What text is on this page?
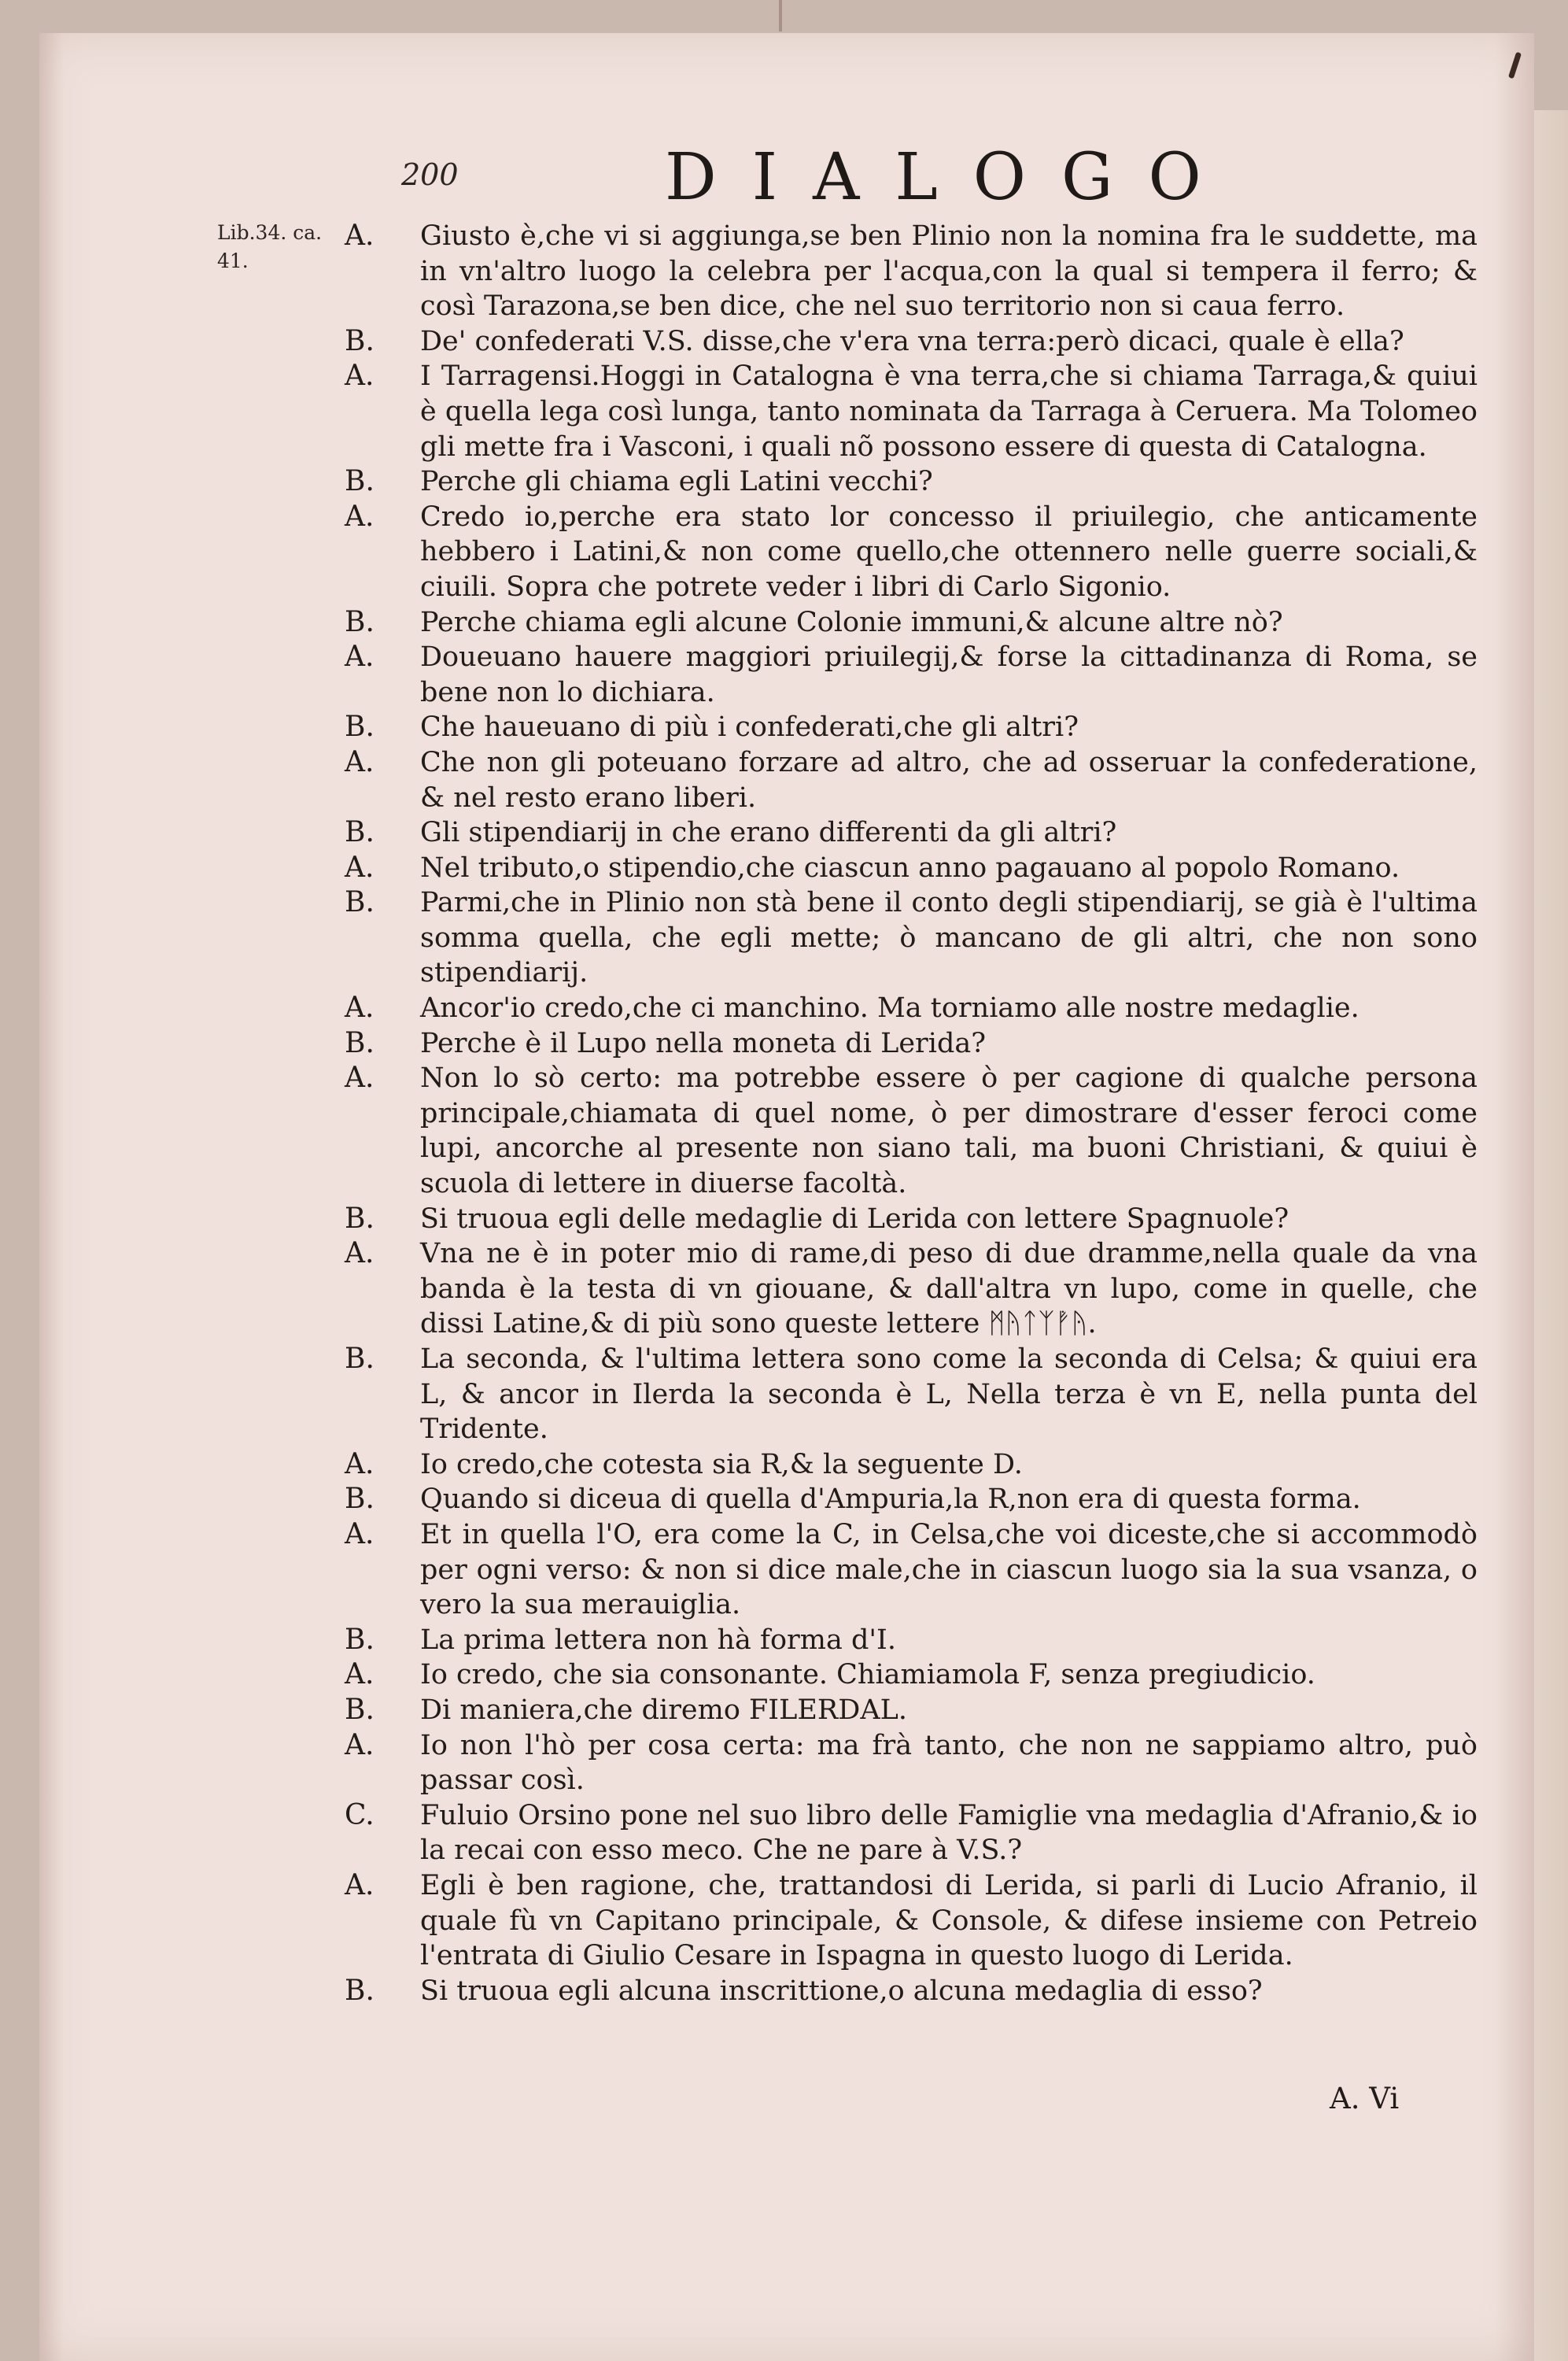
200	DIALOGO
Lib.34. ca. 41.
A.	Giusto è,che vi si aggiunga,se ben Plinio non la nomina fra le suddette, ma in vn'altro luogo la celebra per l'acqua,con la qual si tempera il ferro; & così Tarazona,se ben dice, che nel suo territorio non si caua ferro.
B.	De' confederati V.S. disse,che v'era vna terra:però dicaci, quale è ella?
A.	I Tarragensi.Hoggi in Catalogna è vna terra,che si chiama Tarraga,& quiui è quella lega così lunga, tanto nominata da Tarraga à Ceruera. Ma Tolomeo gli mette fra i Vasconi, i quali nõ possono essere di questa di Catalogna.
B.	Perche gli chiama egli Latini vecchi?
A.	Credo io,perche era stato lor concesso il priuilegio, che anticamente hebbero i Latini,& non come quello,che ottennero nelle guerre sociali,& ciuili. Sopra che potrete veder i libri di Carlo Sigonio.
B.	Perche chiama egli alcune Colonie immuni,& alcune altre nò?
A.	Doueuano hauere maggiori priuilegij,& forse la cittadinanza di Roma, se bene non lo dichiara.
B.	Che haueuano di più i confederati,che gli altri?
A.	Che non gli poteuano forzare ad altro, che ad osseruar la confederatione, & nel resto erano liberi.
B.	Gli stipendiarij in che erano differenti da gli altri?
A.	Nel tributo,o stipendio,che ciascun anno pagauano al popolo Romano.
B.	Parmi,che in Plinio non stà bene il conto degli stipendiarij, se già è l'ultima somma quella, che egli mette; ò mancano de gli altri, che non sono stipendiarij.
A.	Ancor'io credo,che ci manchino. Ma torniamo alle nostre medaglie.
B.	Perche è il Lupo nella moneta di Lerida?
A.	Non lo sò certo: ma potrebbe essere ò per cagione di qualche persona principale,chiamata di quel nome, ò per dimostrare d'esser feroci come lupi, ancorche al presente non siano tali, ma buoni Christiani, & quiui è scuola di lettere in diuerse facoltà.
B.	Si truoua egli delle medaglie di Lerida con lettere Spagnuole?
A.	Vna ne è in poter mio di rame,di peso di due dramme,nella quale da vna banda è la testa di vn giouane, & dall'altra vn lupo, come in quelle, che dissi Latine,& di più sono queste lettere ᛗᚤᛏᛉᚡᚤ.
B.	La seconda, & l'ultima lettera sono come la seconda di Celsa; & quiui era L, & ancor in Ilerda la seconda è L, Nella terza è vn E, nella punta del Tridente.
A.	Io credo,che cotesta sia R,& la seguente D.
B.	Quando si diceua di quella d'Ampuria,la R,non era di questa forma.
A.	Et in quella l'O, era come la C, in Celsa,che voi diceste,che si accommodò per ogni verso: & non si dice male,che in ciascun luogo sia la sua vsanza, o vero la sua merauiglia.
B.	La prima lettera non hà forma d'I.
A.	Io credo, che sia consonante. Chiamiamola F, senza pregiudicio.
B.	Di maniera,che diremo FILERDAL.
A.	Io non l'hò per cosa certa: ma frà tanto, che non ne sappiamo altro, può passar così.
C.	Fuluio Orsino pone nel suo libro delle Famiglie vna medaglia d'Afranio,& io la recai con esso meco. Che ne pare à V.S.?
A.	Egli è ben ragione, che, trattandosi di Lerida, si parli di Lucio Afranio, il quale fù vn Capitano principale, & Console, & difese insieme con Petreio l'entrata di Giulio Cesare in Ispagna in questo luogo di Lerida.
B.	Si truoua egli alcuna inscrittione,o alcuna medaglia di esso?
A. Vi
